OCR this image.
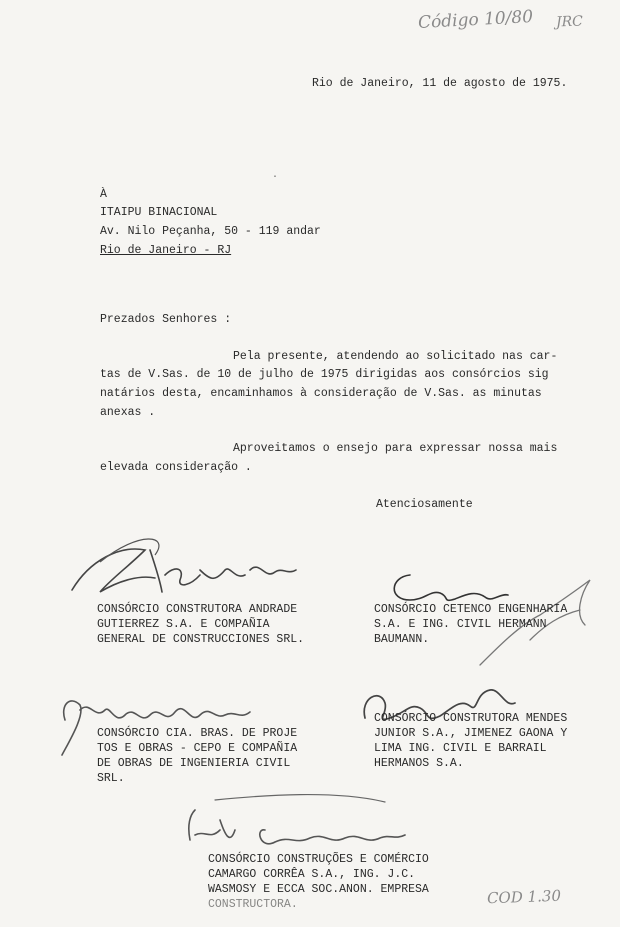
Código 10/80 JRC
Rio de Janeiro, 11 de agosto de 1975.
·
À
ITAIPU BINACIONAL
Av. Nilo Peçanha, 50 - 119 andar
Rio de Janeiro - RJ
Prezados Senhores :
Pela presente, atendendo ao solicitado nas car-
tas de V.Sas. de 10 de julho de 1975 dirigidas aos consórcios sig
natários desta, encaminhamos à consideração de V.Sas. as minutas
anexas .
Aproveitamos o ensejo para expressar nossa mais
elevada consideração .
Atenciosamente
CONSÓRCIO CONSTRUTORA ANDRADE
GUTIERREZ S.A. E COMPAÑIA
GENERAL DE CONSTRUCCIONES SRL.
CONSÓRCIO CETENCO ENGENHARIA
S.A. E ING. CIVIL HERMANN
BAUMANN.
CONSÓRCIO CIA. BRAS. DE PROJE
TOS E OBRAS - CEPO E COMPAÑIA
DE OBRAS DE INGENIERIA CIVIL
SRL.
CONSÓRCIO CONSTRUTORA MENDES
JUNIOR S.A., JIMENEZ GAONA Y
LIMA ING. CIVIL E BARRAIL
HERMANOS S.A.
CONSÓRCIO CONSTRUÇÕES E COMÉRCIO
CAMARGO CORRÊA S.A., ING. J.C.
WASMOSY E ECCA SOC.ANON. EMPRESA
CONSTRUCTORA.	COD 1.30
